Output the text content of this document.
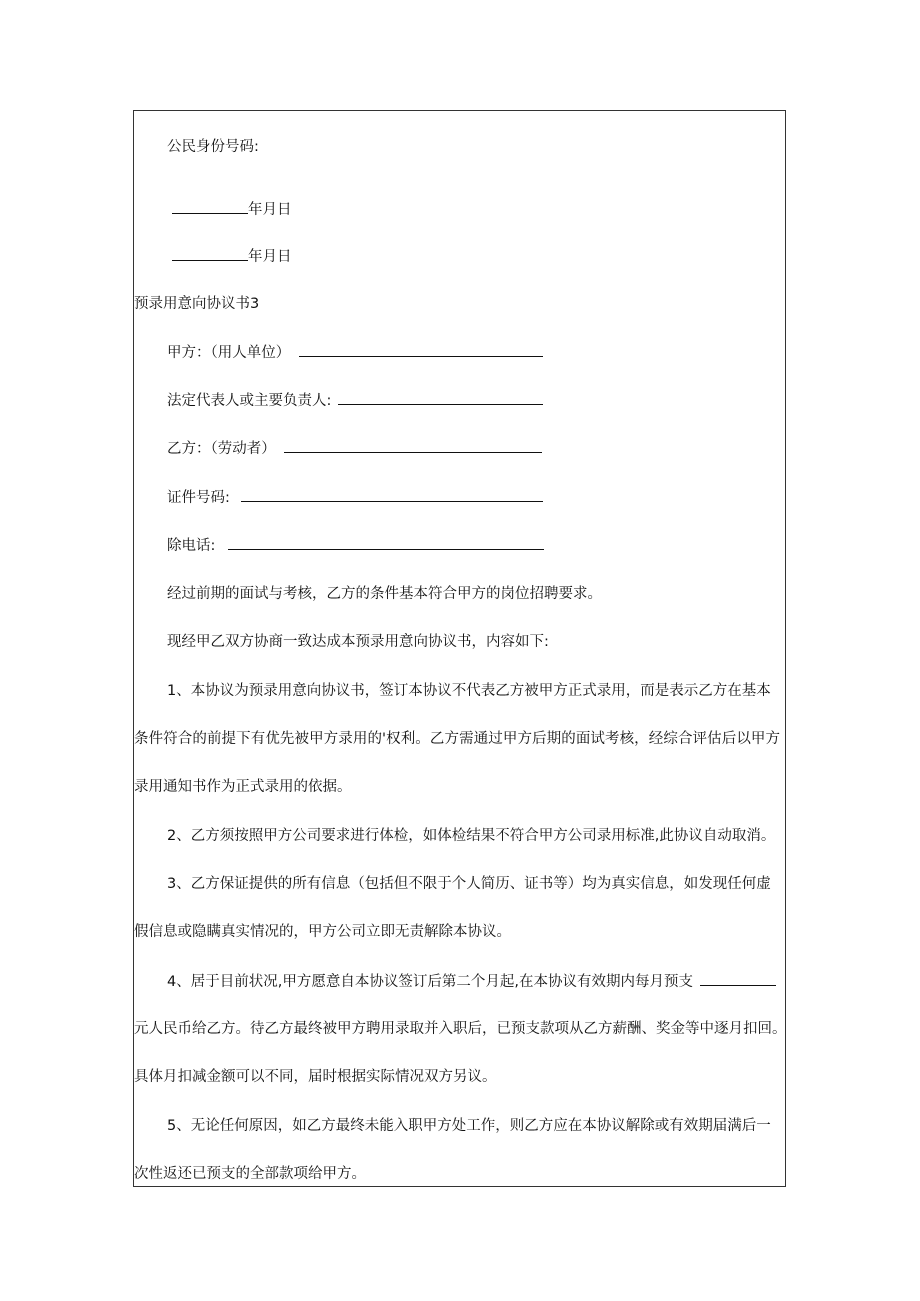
公民身份号码:
年月日
年月日
预录用意向协议书3
甲方：（用人单位）
法定代表人或主要负责人:
乙方：（劳动者）
证件号码:
除电话:
经过前期的面试与考核，乙方的条件基本符合甲方的岗位招聘要求。
现经甲乙双方协商一致达成本预录用意向协议书，内容如下:
1、本协议为预录用意向协议书，签订本协议不代表乙方被甲方正式录用，而是表示乙方在基本
条件符合的前提下有优先被甲方录用的'权利。乙方需通过甲方后期的面试考核，经综合评估后以甲方
录用通知书作为正式录用的依据。
2、乙方须按照甲方公司要求进行体检，如体检结果不符合甲方公司录用标准,此协议自动取消。
3、乙方保证提供的所有信息（包括但不限于个人简历、证书等）均为真实信息，如发现任何虚
假信息或隐瞒真实情况的，甲方公司立即无责解除本协议。
4、居于目前状况,甲方愿意自本协议签订后第二个月起,在本协议有效期内每月预支
元人民币给乙方。待乙方最终被甲方聘用录取并入职后，已预支款项从乙方薪酬、奖金等中逐月扣回。
具体月扣减金额可以不同，届时根据实际情况双方另议。
5、无论任何原因，如乙方最终未能入职甲方处工作，则乙方应在本协议解除或有效期届满后一
次性返还已预支的全部款项给甲方。
